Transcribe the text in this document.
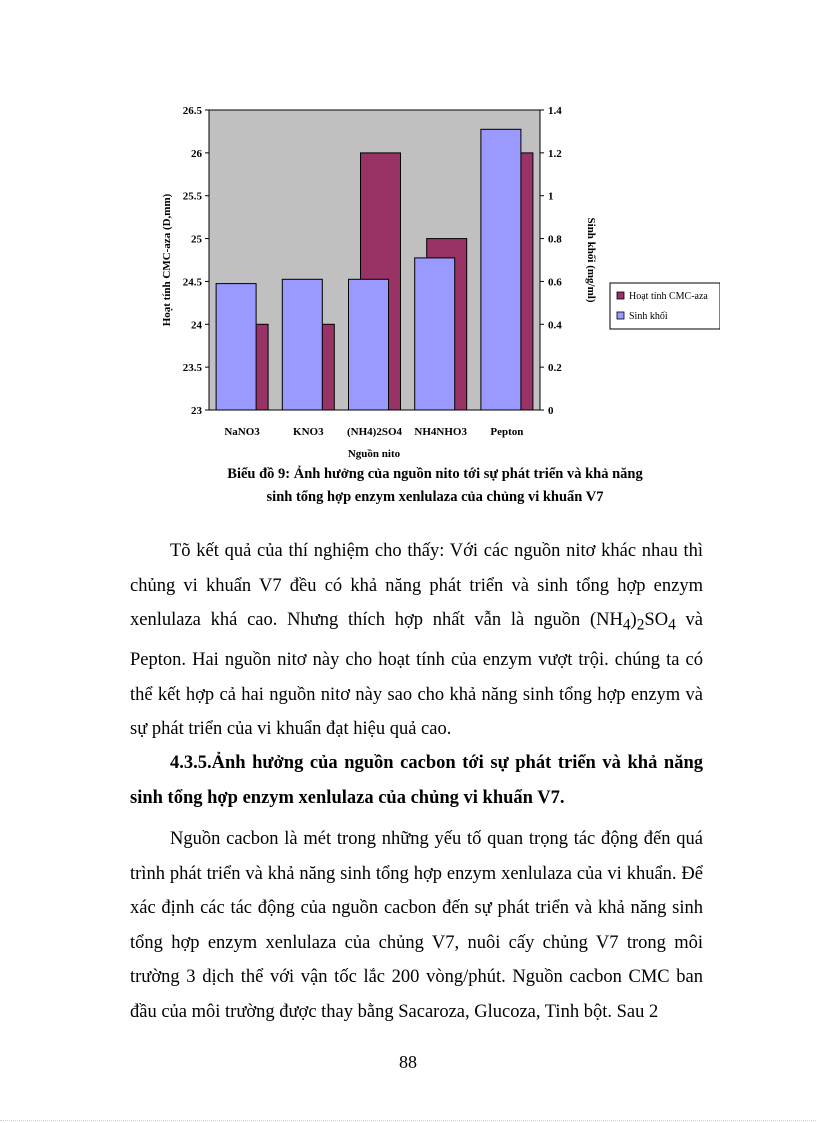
23
23.5
24
24.5
25
25.5
26
26.5
0
0.2
0.4
0.6
0.8
1
1.2
1.4
NaNO3	KNO3 (NH4)2SO4 NH4NHO3 Pepton
Nguồn nito
Hoạt tính CMC-aza (D,mm)	Sinh khối (mg/ml)	Hoạt tính CMC-aza
Sinh khối
Biểu đồ 9: Ảnh hưởng của nguồn nito tới sự phát triển và khả năng
sinh tổng hợp enzym xenlulaza của chủng vi khuẩn V7
Tõ kết quả của thí nghiệm cho thấy: Với các nguồn nitơ khác nhau thì chủng vi khuẩn V7 đều có khả năng phát triển và sinh tổng hợp enzym xenlulaza khá cao. Nhưng thích hợp nhất vẫn là nguồn $(NH_4)_2SO_4$ và Pepton. Hai nguồn nitơ này cho hoạt tính của enzym vượt trội. chúng ta có thể kết hợp cả hai nguồn nitơ này sao cho khả năng sinh tổng hợp enzym và sự phát triển của vi khuẩn đạt hiệu quả cao.
4.3.5.Ảnh hưởng của nguồn cacbon tới sự phát triển và khả năng sinh tổng hợp enzym xenlulaza của chủng vi khuẩn V7.
Nguồn cacbon là mét trong những yếu tố quan trọng tác động đến quá trình phát triển và khả năng sinh tổng hợp enzym xenlulaza của vi khuẩn. Để xác định các tác động của nguồn cacbon đến sự phát triển và khả năng sinh tổng hợp enzym xenlulaza của chủng V7, nuôi cấy chủng V7 trong môi trường 3 dịch thể với vận tốc lắc 200 vòng/phút. Nguồn cacbon CMC ban đầu của môi trường được thay bằng Sacaroza, Glucoza, Tinh bột. Sau 2
88
